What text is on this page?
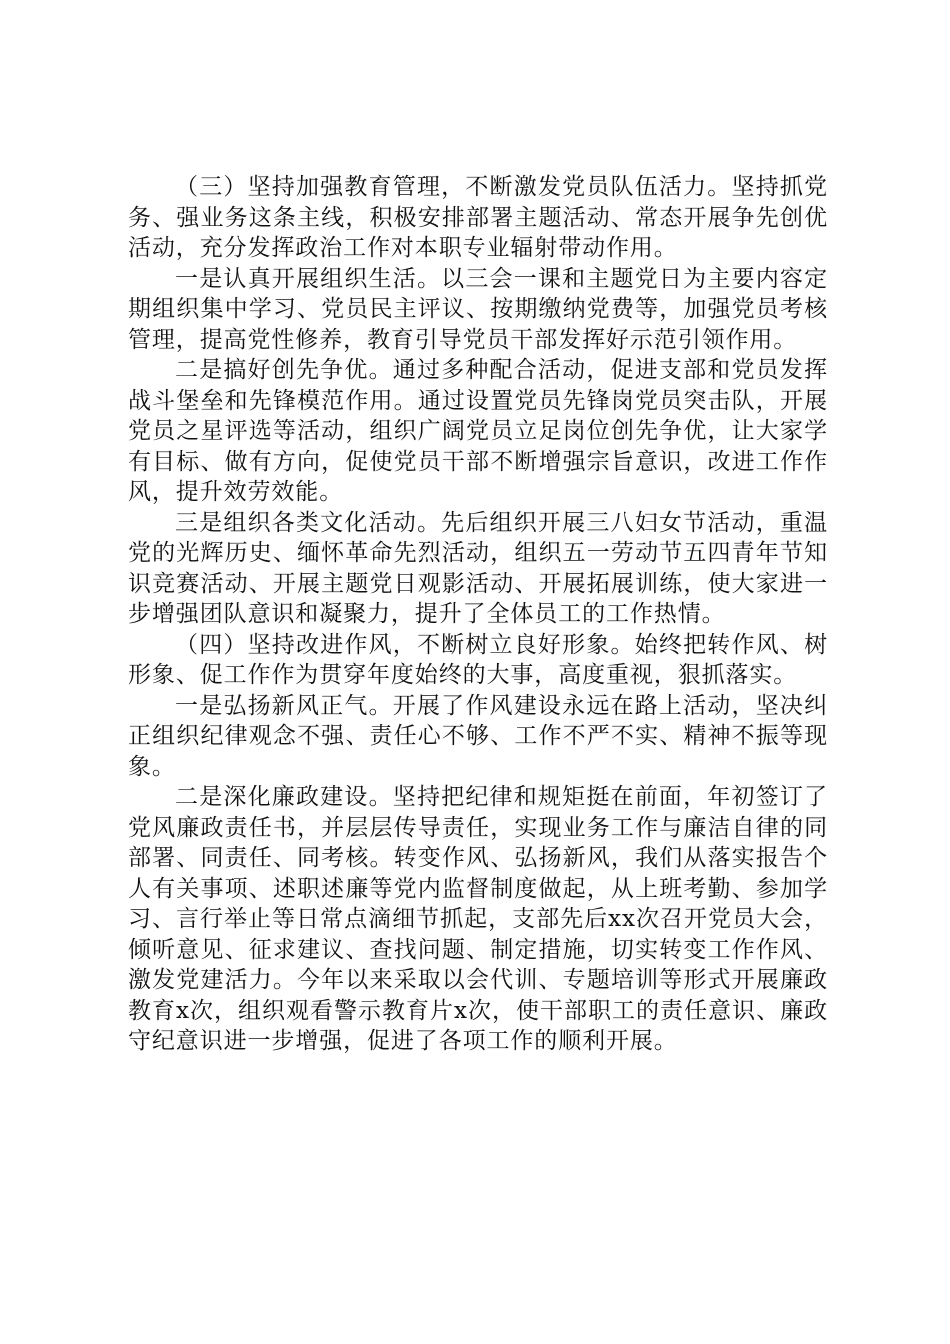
（三）坚持加强教育管理，不断激发党员队伍活力。坚持抓党务、强业务这条主线，积极安排部署主题活动、常态开展争先创优活动，充分发挥政治工作对本职专业辐射带动作用。

一是认真开展组织生活。以三会一课和主题党日为主要内容定期组织集中学习、党员民主评议、按期缴纳党费等，加强党员考核管理，提高党性修养，教育引导党员干部发挥好示范引领作用。

二是搞好创先争优。通过多种配合活动，促进支部和党员发挥战斗堡垒和先锋模范作用。通过设置党员先锋岗党员突击队，开展党员之星评选等活动，组织广阔党员立足岗位创先争优，让大家学有目标、做有方向，促使党员干部不断增强宗旨意识，改进工作作风，提升效劳效能。

三是组织各类文化活动。先后组织开展三八妇女节活动，重温党的光辉历史、缅怀革命先烈活动，组织五一劳动节五四青年节知识竞赛活动、开展主题党日观影活动、开展拓展训练，使大家进一步增强团队意识和凝聚力，提升了全体员工的工作热情。

（四）坚持改进作风，不断树立良好形象。始终把转作风、树形象、促工作作为贯穿年度始终的大事，高度重视，狠抓落实。

一是弘扬新风正气。开展了作风建设永远在路上活动，坚决纠正组织纪律观念不强、责任心不够、工作不严不实、精神不振等现象。

二是深化廉政建设。坚持把纪律和规矩挺在前面，年初签订了党风廉政责任书，并层层传导责任，实现业务工作与廉洁自律的同部署、同责任、同考核。转变作风、弘扬新风，我们从落实报告个人有关事项、述职述廉等党内监督制度做起，从上班考勤、参加学习、言行举止等日常点滴细节抓起，支部先后xx次召开党员大会，倾听意见、征求建议、查找问题、制定措施，切实转变工作作风、激发党建活力。今年以来采取以会代训、专题培训等形式开展廉政教育x次，组织观看警示教育片x次，使干部职工的责任意识、廉政守纪意识进一步增强，促进了各项工作的顺利开展。
